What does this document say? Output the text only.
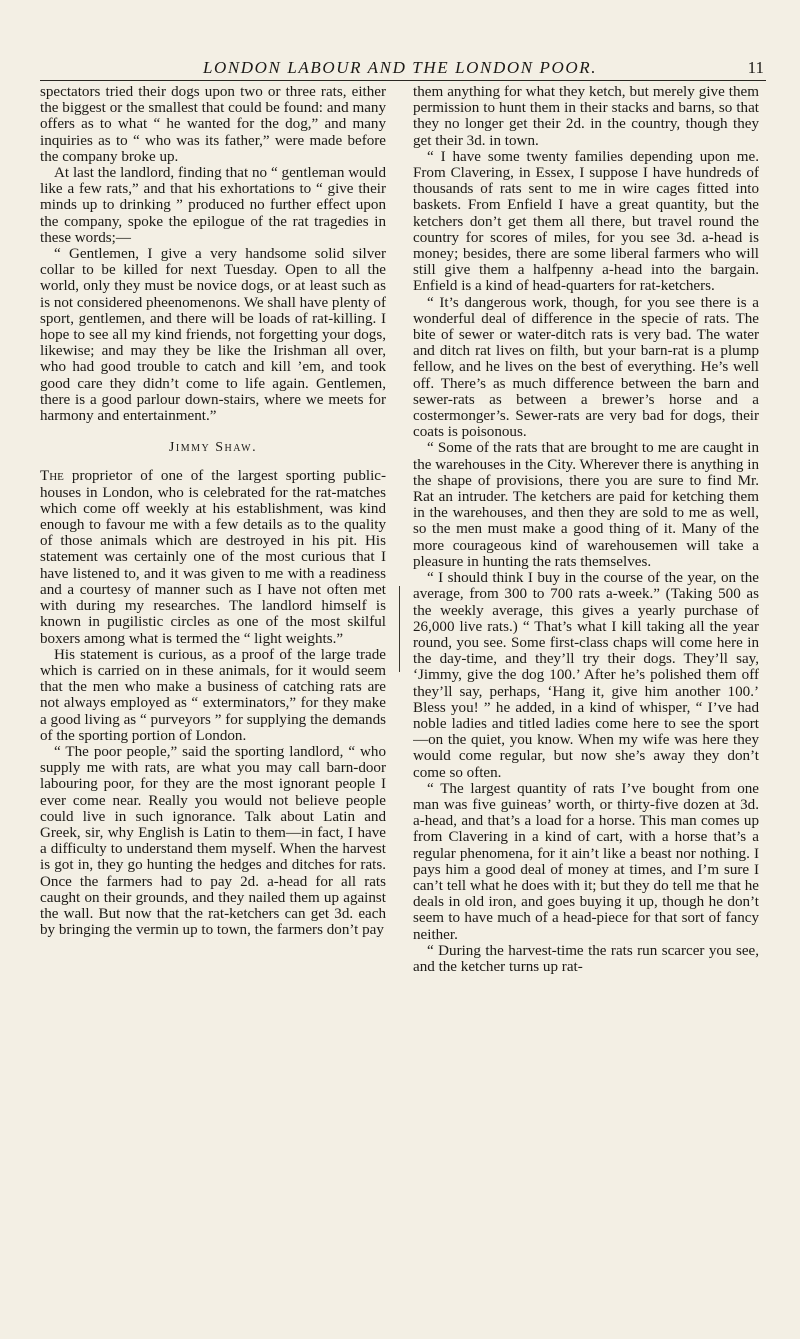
LONDON LABOUR AND THE LONDON POOR.	11

spectators tried their dogs upon two or three rats, either the biggest or the smallest that could be found: and many offers as to what “ he wanted for the dog,” and many inquiries as to “ who was its father,” were made before the company broke up.

At last the landlord, finding that no “ gentleman would like a few rats,” and that his exhortations to “ give their minds up to drinking ” produced no further effect upon the company, spoke the epilogue of the rat tragedies in these words;—

“ Gentlemen, I give a very handsome solid silver collar to be killed for next Tuesday. Open to all the world, only they must be novice dogs, or at least such as is not considered pheenomenons. We shall have plenty of sport, gentlemen, and there will be loads of rat-killing. I hope to see all my kind friends, not forgetting your dogs, likewise; and may they be like the Irishman all over, who had good trouble to catch and kill ’em, and took good care they didn’t come to life again. Gentlemen, there is a good parlour down-stairs, where we meets for harmony and entertainment.”

Jimmy Shaw.

The proprietor of one of the largest sporting public-houses in London, who is celebrated for the rat-matches which come off weekly at his establishment, was kind enough to favour me with a few details as to the quality of those animals which are destroyed in his pit. His statement was certainly one of the most curious that I have listened to, and it was given to me with a readiness and a courtesy of manner such as I have not often met with during my researches. The landlord himself is known in pugilistic circles as one of the most skilful boxers among what is termed the “ light weights.”

His statement is curious, as a proof of the large trade which is carried on in these animals, for it would seem that the men who make a business of catching rats are not always employed as “ exterminators,” for they make a good living as “ purveyors ” for supplying the demands of the sporting portion of London.

“ The poor people,” said the sporting landlord, “ who supply me with rats, are what you may call barn-door labouring poor, for they are the most ignorant people I ever come near. Really you would not believe people could live in such ignorance. Talk about Latin and Greek, sir, why English is Latin to them—in fact, I have a difficulty to understand them myself. When the harvest is got in, they go hunting the hedges and ditches for rats. Once the farmers had to pay 2d. a-head for all rats caught on their grounds, and they nailed them up against the wall. But now that the rat-ketchers can get 3d. each by bringing the vermin up to town, the farmers don’t pay

them anything for what they ketch, but merely give them permission to hunt them in their stacks and barns, so that they no longer get their 2d. in the country, though they get their 3d. in town.

“ I have some twenty families depending upon me. From Clavering, in Essex, I suppose I have hundreds of thousands of rats sent to me in wire cages fitted into baskets. From Enfield I have a great quantity, but the ketchers don’t get them all there, but travel round the country for scores of miles, for you see 3d. a-head is money; besides, there are some liberal farmers who will still give them a halfpenny a-head into the bargain. Enfield is a kind of head-quarters for rat-ketchers.

“ It’s dangerous work, though, for you see there is a wonderful deal of difference in the specie of rats. The bite of sewer or water-ditch rats is very bad. The water and ditch rat lives on filth, but your barn-rat is a plump fellow, and he lives on the best of everything. He’s well off. There’s as much difference between the barn and sewer-rats as between a brewer’s horse and a costermonger’s. Sewer-rats are very bad for dogs, their coats is poisonous.

“ Some of the rats that are brought to me are caught in the warehouses in the City. Wherever there is anything in the shape of provisions, there you are sure to find Mr. Rat an intruder. The ketchers are paid for ketching them in the warehouses, and then they are sold to me as well, so the men must make a good thing of it. Many of the more courageous kind of warehousemen will take a pleasure in hunting the rats themselves.

“ I should think I buy in the course of the year, on the average, from 300 to 700 rats a-week.” (Taking 500 as the weekly average, this gives a yearly purchase of 26,000 live rats.) “ That’s what I kill taking all the year round, you see. Some first-class chaps will come here in the day-time, and they’ll try their dogs. They’ll say, ‘Jimmy, give the dog 100.’ After he’s polished them off they’ll say, perhaps, ‘Hang it, give him another 100.’ Bless you! ” he added, in a kind of whisper, “ I’ve had noble ladies and titled ladies come here to see the sport—on the quiet, you know. When my wife was here they would come regular, but now she’s away they don’t come so often.

“ The largest quantity of rats I’ve bought from one man was five guineas’ worth, or thirty-five dozen at 3d. a-head, and that’s a load for a horse. This man comes up from Clavering in a kind of cart, with a horse that’s a regular phenomena, for it ain’t like a beast nor nothing. I pays him a good deal of money at times, and I’m sure I can’t tell what he does with it; but they do tell me that he deals in old iron, and goes buying it up, though he don’t seem to have much of a head-piece for that sort of fancy neither.

“ During the harvest-time the rats run scarcer you see, and the ketcher turns up rat-
